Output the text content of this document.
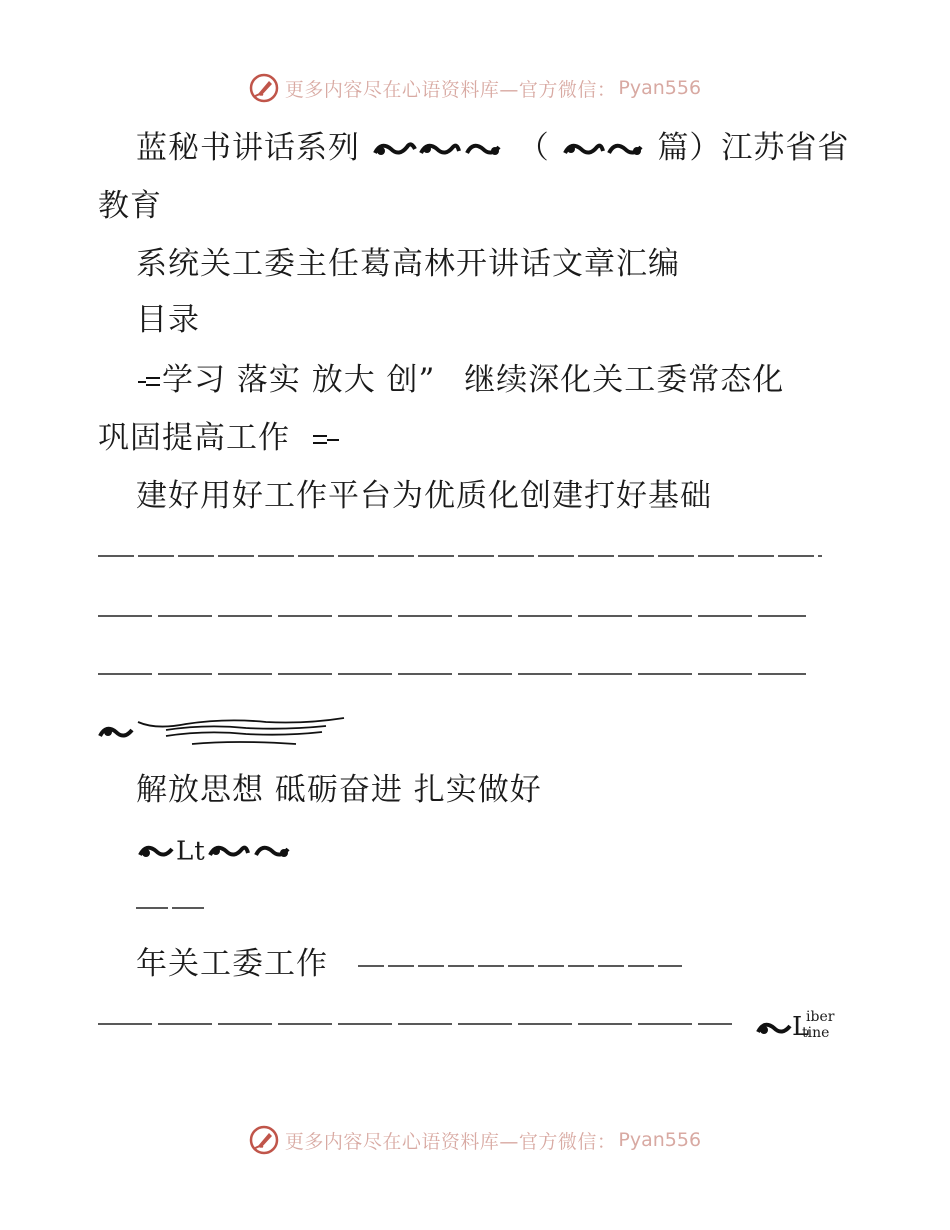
更多内容尽在心语资料库—官方微信： Pyan556
蓝秘书讲话系列	（	篇）江苏省省
教育
系统关工委主任葛高林开讲话文章汇编
目录
学习 落实 放大 创” 继续深化关工委常态化
巩固提高工作
建好用好工作平台为优质化创建打好基础
解放思想 砥砺奋进 扎实做好
Lt
年关工委工作
L
iber
tine
更多内容尽在心语资料库—官方微信： Pyan556
